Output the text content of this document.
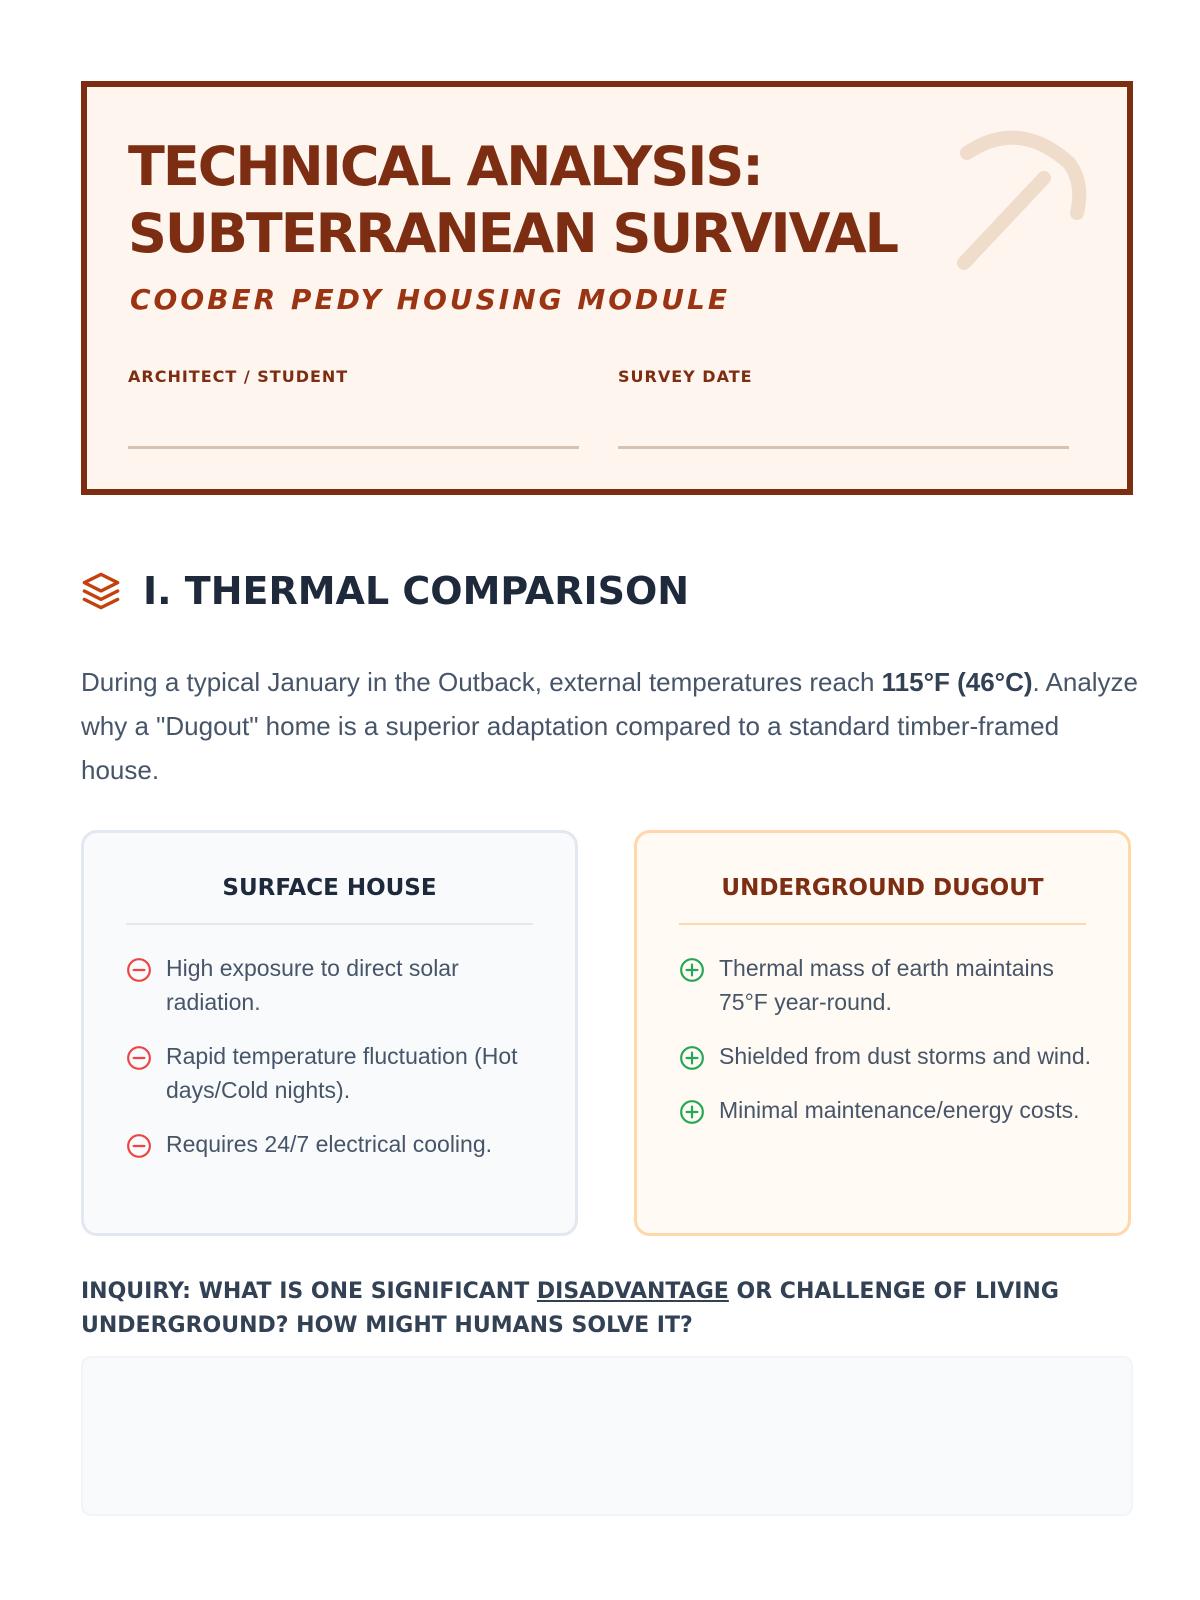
TECHNICAL ANALYSIS:
SUBTERRANEAN SURVIVAL
COOBER PEDY HOUSING MODULE
ARCHITECT / STUDENT	SURVEY DATE
I. THERMAL COMPARISON

During a typical January in the Outback, external temperatures reach 115°F (46°C). Analyze why a "Dugout" home is a superior adaptation compared to a standard timber-framed house.

SURFACE HOUSE
High exposure to direct solar radiation.
Rapid temperature fluctuation (Hot days/Cold nights).
Requires 24/7 electrical cooling.
UNDERGROUND DUGOUT
Thermal mass of earth maintains 75°F year-round.
Shielded from dust storms and wind.
Minimal maintenance/energy costs.
INQUIRY: WHAT IS ONE SIGNIFICANT DISADVANTAGE OR CHALLENGE OF LIVING UNDERGROUND? HOW MIGHT HUMANS SOLVE IT?
